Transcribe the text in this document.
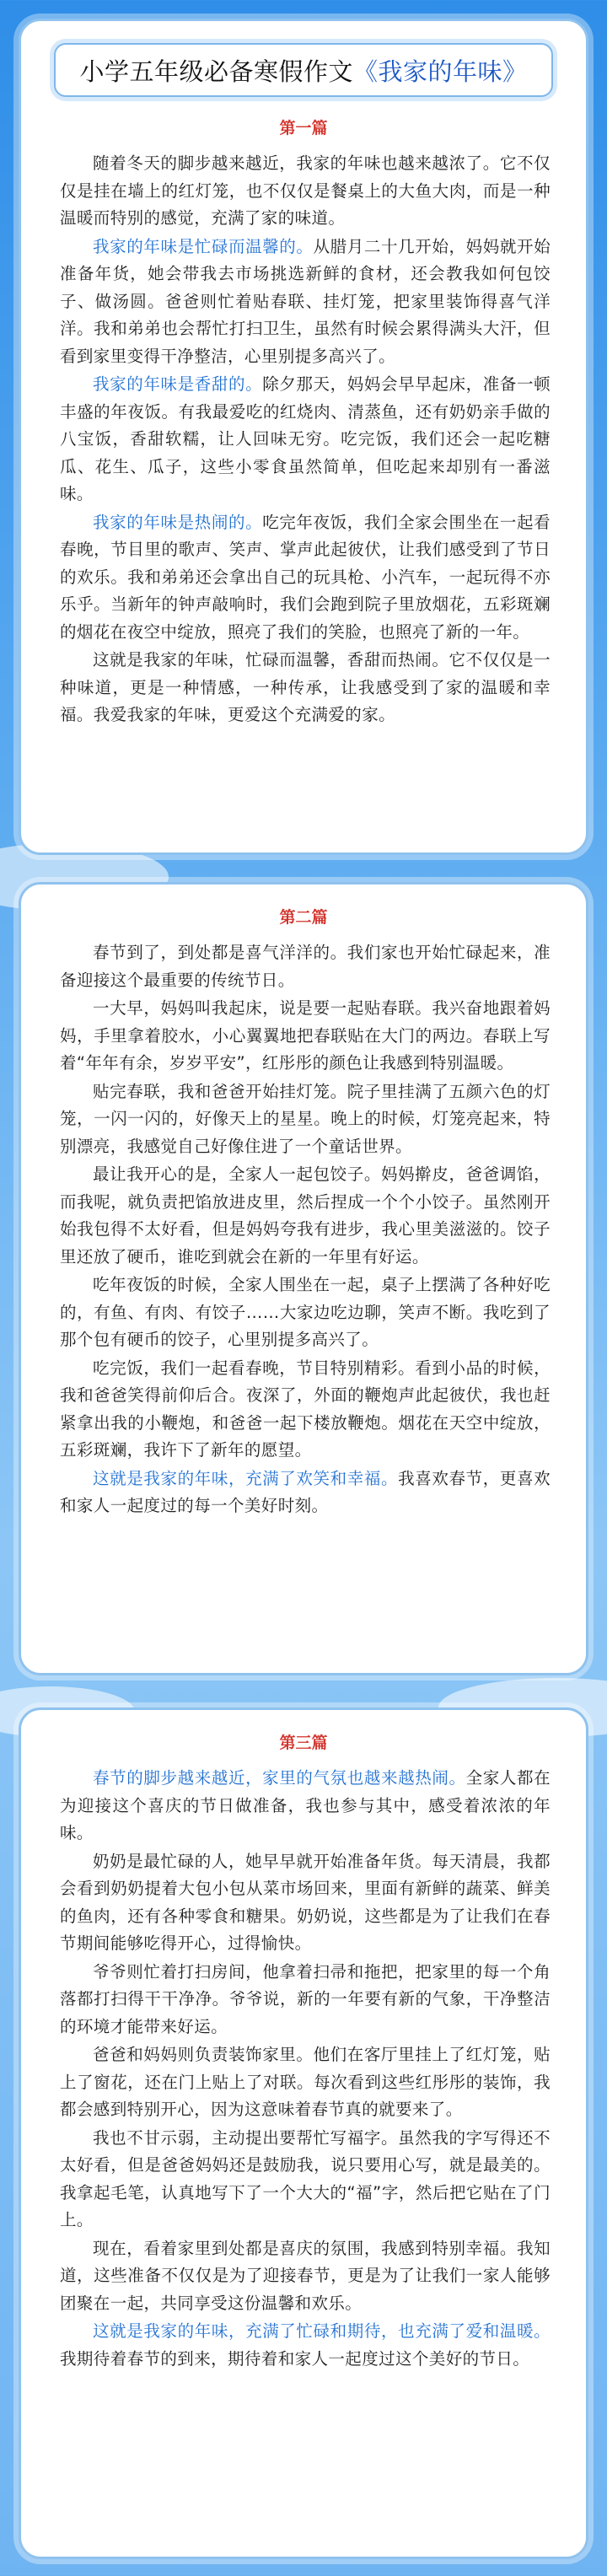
小学五年级必备寒假作文 《我家的年味》
第一篇

随着冬天的脚步越来越近，我家的年味也越来越浓了。它不仅仅是挂在墙上的红灯笼，也不仅仅是餐桌上的大鱼大肉，而是一种温暖而特别的感觉，充满了家的味道。

我家的年味是忙碌而温馨的。从腊月二十几开始，妈妈就开始准备年货，她会带我去市场挑选新鲜的食材，还会教我如何包饺子、做汤圆。爸爸则忙着贴春联、挂灯笼，把家里装饰得喜气洋洋。我和弟弟也会帮忙打扫卫生，虽然有时候会累得满头大汗，但看到家里变得干净整洁，心里别提多高兴了。

我家的年味是香甜的。除夕那天，妈妈会早早起床，准备一顿丰盛的年夜饭。有我最爱吃的红烧肉、清蒸鱼，还有奶奶亲手做的八宝饭，香甜软糯，让人回味无穷。吃完饭，我们还会一起吃糖瓜、花生、瓜子，这些小零食虽然简单，但吃起来却别有一番滋味。

我家的年味是热闹的。吃完年夜饭，我们全家会围坐在一起看春晚，节目里的歌声、笑声、掌声此起彼伏，让我们感受到了节日的欢乐。我和弟弟还会拿出自己的玩具枪、小汽车，一起玩得不亦乐乎。当新年的钟声敲响时，我们会跑到院子里放烟花，五彩斑斓的烟花在夜空中绽放，照亮了我们的笑脸，也照亮了新的一年。

这就是我家的年味，忙碌而温馨，香甜而热闹。它不仅仅是一种味道，更是一种情感，一种传承，让我感受到了家的温暖和幸福。我爱我家的年味，更爱这个充满爱的家。

第二篇

春节到了，到处都是喜气洋洋的。我们家也开始忙碌起来，准备迎接这个最重要的传统节日。

一大早，妈妈叫我起床，说是要一起贴春联。我兴奋地跟着妈妈，手里拿着胶水，小心翼翼地把春联贴在大门的两边。春联上写着“年年有余，岁岁平安”，红彤彤的颜色让我感到特别温暖。

贴完春联，我和爸爸开始挂灯笼。院子里挂满了五颜六色的灯笼，一闪一闪的，好像天上的星星。晚上的时候，灯笼亮起来，特别漂亮，我感觉自己好像住进了一个童话世界。

最让我开心的是，全家人一起包饺子。妈妈擀皮，爸爸调馅，而我呢，就负责把馅放进皮里，然后捏成一个个小饺子。虽然刚开始我包得不太好看，但是妈妈夸我有进步，我心里美滋滋的。饺子里还放了硬币，谁吃到就会在新的一年里有好运。

吃年夜饭的时候，全家人围坐在一起，桌子上摆满了各种好吃的，有鱼、有肉、有饺子……大家边吃边聊，笑声不断。我吃到了那个包有硬币的饺子，心里别提多高兴了。

吃完饭，我们一起看春晚，节目特别精彩。看到小品的时候，我和爸爸笑得前仰后合。夜深了，外面的鞭炮声此起彼伏，我也赶紧拿出我的小鞭炮，和爸爸一起下楼放鞭炮。烟花在天空中绽放，五彩斑斓，我许下了新年的愿望。

这就是我家的年味，充满了欢笑和幸福。我喜欢春节，更喜欢和家人一起度过的每一个美好时刻。

第三篇

春节的脚步越来越近，家里的气氛也越来越热闹。全家人都在为迎接这个喜庆的节日做准备，我也参与其中，感受着浓浓的年味。

奶奶是最忙碌的人，她早早就开始准备年货。每天清晨，我都会看到奶奶提着大包小包从菜市场回来，里面有新鲜的蔬菜、鲜美的鱼肉，还有各种零食和糖果。奶奶说，这些都是为了让我们在春节期间能够吃得开心，过得愉快。

爷爷则忙着打扫房间，他拿着扫帚和拖把，把家里的每一个角落都打扫得干干净净。爷爷说，新的一年要有新的气象，干净整洁的环境才能带来好运。

爸爸和妈妈则负责装饰家里。他们在客厅里挂上了红灯笼，贴上了窗花，还在门上贴上了对联。每次看到这些红彤彤的装饰，我都会感到特别开心，因为这意味着春节真的就要来了。

我也不甘示弱，主动提出要帮忙写福字。虽然我的字写得还不太好看，但是爸爸妈妈还是鼓励我，说只要用心写，就是最美的。我拿起毛笔，认真地写下了一个大大的“福”字，然后把它贴在了门上。

现在，看着家里到处都是喜庆的氛围，我感到特别幸福。我知道，这些准备不仅仅是为了迎接春节，更是为了让我们一家人能够团聚在一起，共同享受这份温馨和欢乐。

这就是我家的年味，充满了忙碌和期待，也充满了爱和温暖。我期待着春节的到来，期待着和家人一起度过这个美好的节日。
